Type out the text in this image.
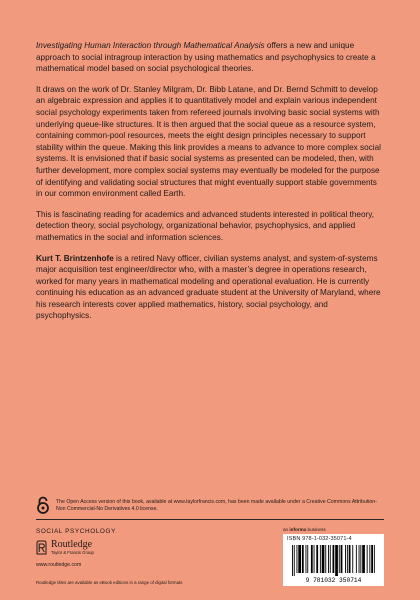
Investigating Human Interaction through Mathematical Analysis offers a new and unique approach to social intragroup interaction by using mathematics and psychophysics to create a mathematical model based on social psychological theories.

It draws on the work of Dr. Stanley Milgram, Dr. Bibb Latane, and Dr. Bernd Schmitt to develop an algebraic expression and applies it to quantitatively model and explain various independent social psychology experiments taken from refereed journals involving basic social systems with underlying queue-like structures. It is then argued that the social queue as a resource system, containing common-pool resources, meets the eight design principles necessary to support stability within the queue. Making this link provides a means to advance to more complex social systems. It is envisioned that if basic social systems as presented can be modeled, then, with further development, more complex social systems may eventually be modeled for the purpose of identifying and validating social structures that might eventually support stable governments in our common environment called Earth.

This is fascinating reading for academics and advanced students interested in political theory, detection theory, social psychology, organizational behavior, psychophysics, and applied mathematics in the social and information sciences.

Kurt T. Brintzenhofe is a retired Navy officer, civilian systems analyst, and system-of-systems major acquisition test engineer/director who, with a master’s degree in operations research, worked for many years in mathematical modeling and operational evaluation. He is currently continuing his education as an advanced graduate student at the University of Maryland, where his research interests cover applied mathematics, history, social psychology, and psychophysics.

The Open Access version of this book, available at www.taylorfrancis.com, has been made available under a Creative Commons Attribution-Non Commercial-No Derivatives 4.0 license.
SOCIAL PSYCHOLOGY
Routledge
Taylor & Francis Group
www.routledge.com
Routledge titles are available as eBook editions in a range of digital formats
an informa business
ISBN 978-1-032-35071-4
9 781032 350714
